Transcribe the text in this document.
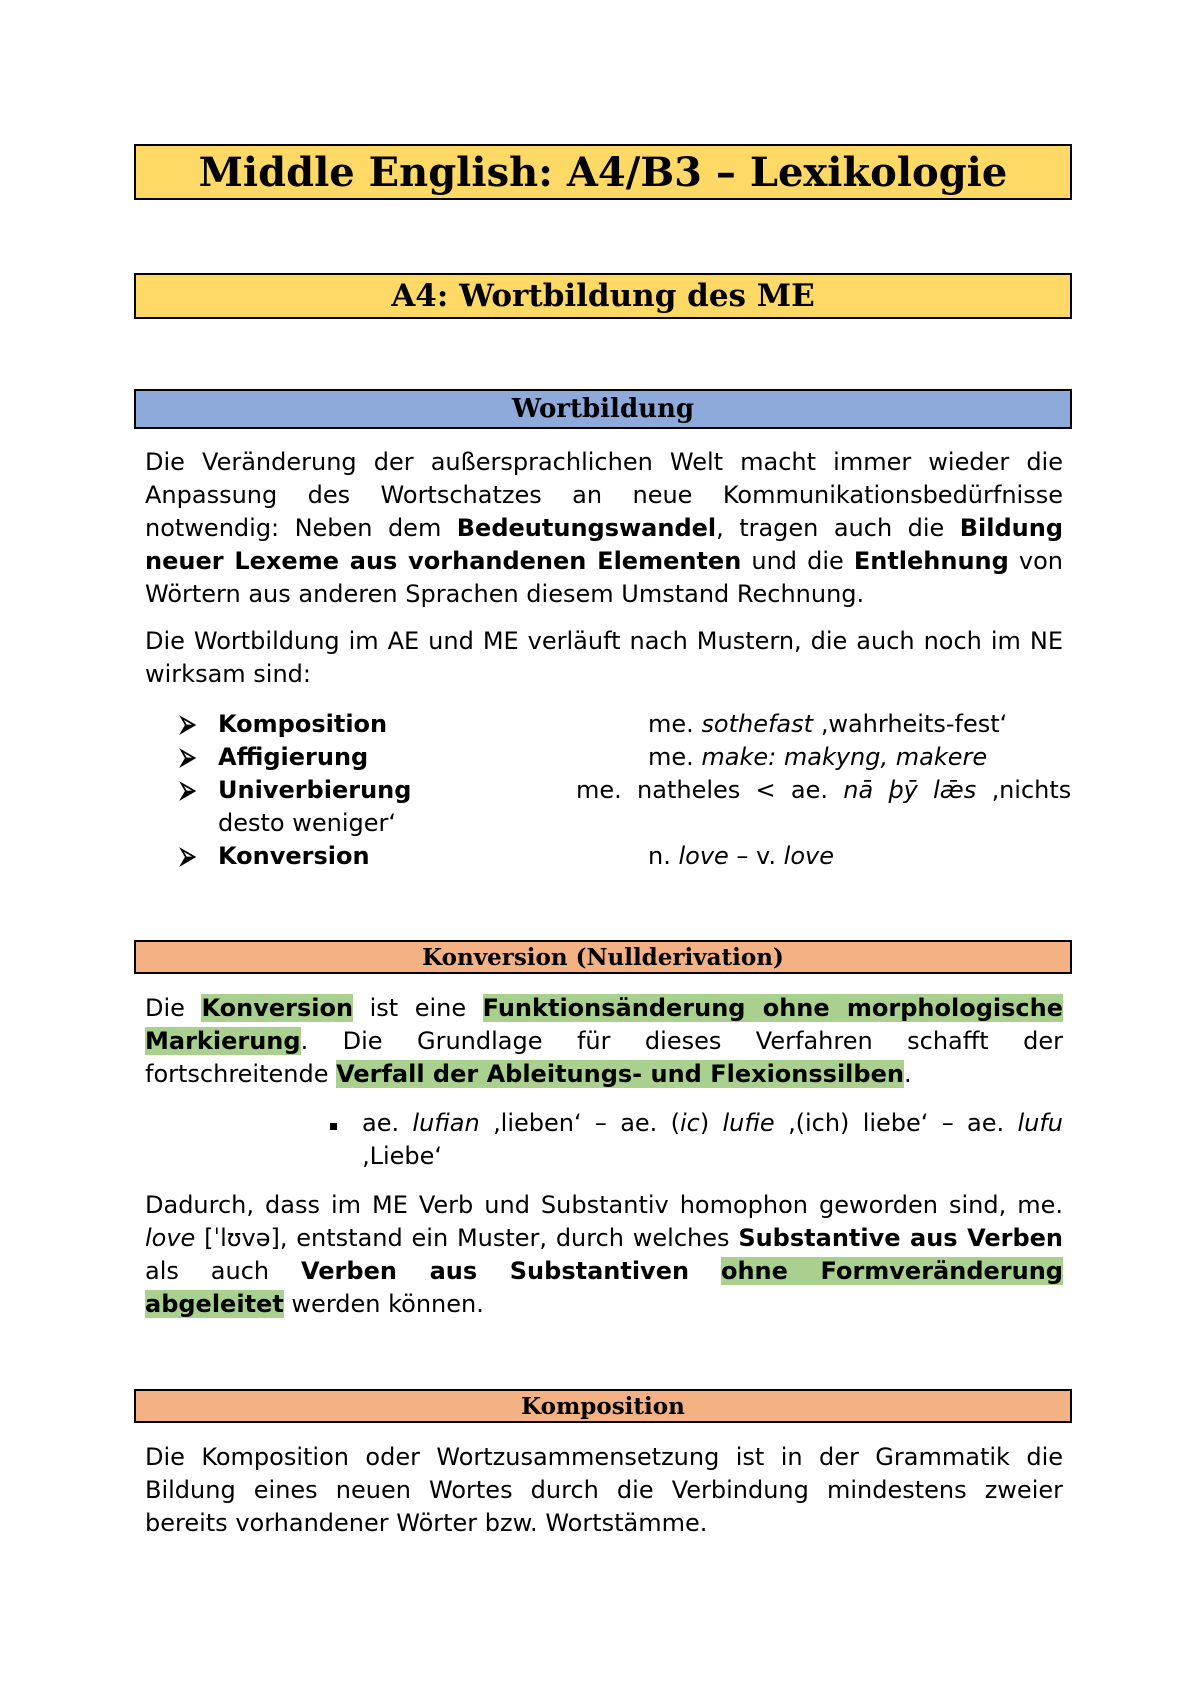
Middle English: A4/B3 – Lexikologie
A4: Wortbildung des ME
Wortbildung

Die Veränderung der außersprachlichen Welt macht immer wieder die Anpassung des Wortschatzes an neue Kommunikationsbedürfnisse notwendig: Neben dem Bedeutungswandel, tragen auch die Bildung neuer Lexeme aus vorhandenen Elementen und die Entlehnung von Wörtern aus anderen Sprachen diesem Umstand Rechnung.

Die Wortbildung im AE und ME verläuft nach Mustern, die auch noch im NE wirksam sind:

⮚ Komposition	me. sothefast ‚wahrheits-fest‘
⮚ Affigierung	me. make: makyng, makere
⮚ Univerbierung	me.  natheles  <  ae.  nā  þȳ  lǣs  ‚nichts
desto weniger‘
⮚ Konversion	n. love – v. love
Konversion (Nullderivation)

Die Konversion ist eine Funktionsänderung ohne morphologische Markierung. Die Grundlage für dieses Verfahren schafft der fortschreitende Verfall der Ableitungs- und Flexionssilben.

ae. lufian ‚lieben‘ – ae. (ic) lufie ‚(ich) liebe‘ – ae. lufu ‚Liebe‘

Dadurch, dass im ME Verb und Substantiv homophon geworden sind, me. love [ˈlʊvə], entstand ein Muster, durch welches Substantive aus Verben als auch Verben aus Substantiven ohne Formveränderung abgeleitet werden können.

Komposition

Die Komposition oder Wortzusammensetzung ist in der Grammatik die Bildung eines neuen Wortes durch die Verbindung mindestens zweier bereits vorhandener Wörter bzw. Wortstämme.
